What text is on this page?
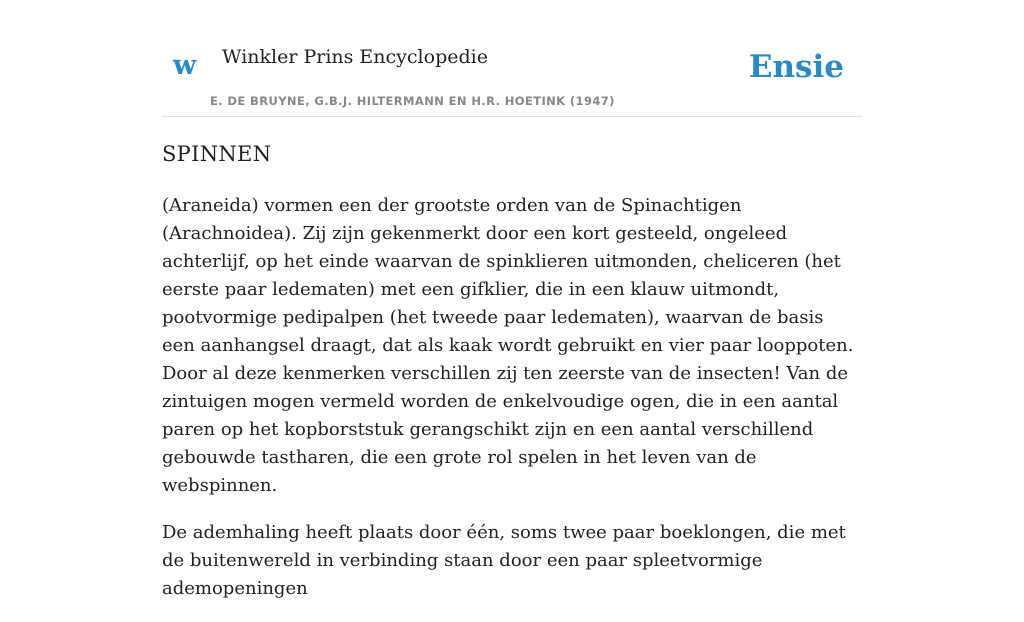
w Winkler Prins Encyclopedie
E. DE BRUYNE, G.B.J. HILTERMANN EN H.R. HOETINK (1947)
Ensie
SPINNEN

(Araneida) vormen een der grootste orden van de Spinachtigen (Arachnoidea). Zij zijn gekenmerkt door een kort gesteeld, ongeleed achterlijf, op het einde waarvan de spinklieren uitmonden, cheliceren (het eerste paar ledematen) met een gifklier, die in een klauw uitmondt, pootvormige pedipalpen (het tweede paar ledematen), waarvan de basis een aanhangsel draagt, dat als kaak wordt gebruikt en vier paar looppoten. Door al deze kenmerken verschillen zij ten zeerste van de insecten! Van de zintuigen mogen vermeld worden de enkelvoudige ogen, die in een aantal paren op het kopborststuk gerangschikt zijn en een aantal verschillend gebouwde tastharen, die een grote rol spelen in het leven van de webspinnen.

De ademhaling heeft plaats door één, soms twee paar boeklongen, die met de buitenwereld in verbinding staan door een paar spleetvormige ademopeningen
